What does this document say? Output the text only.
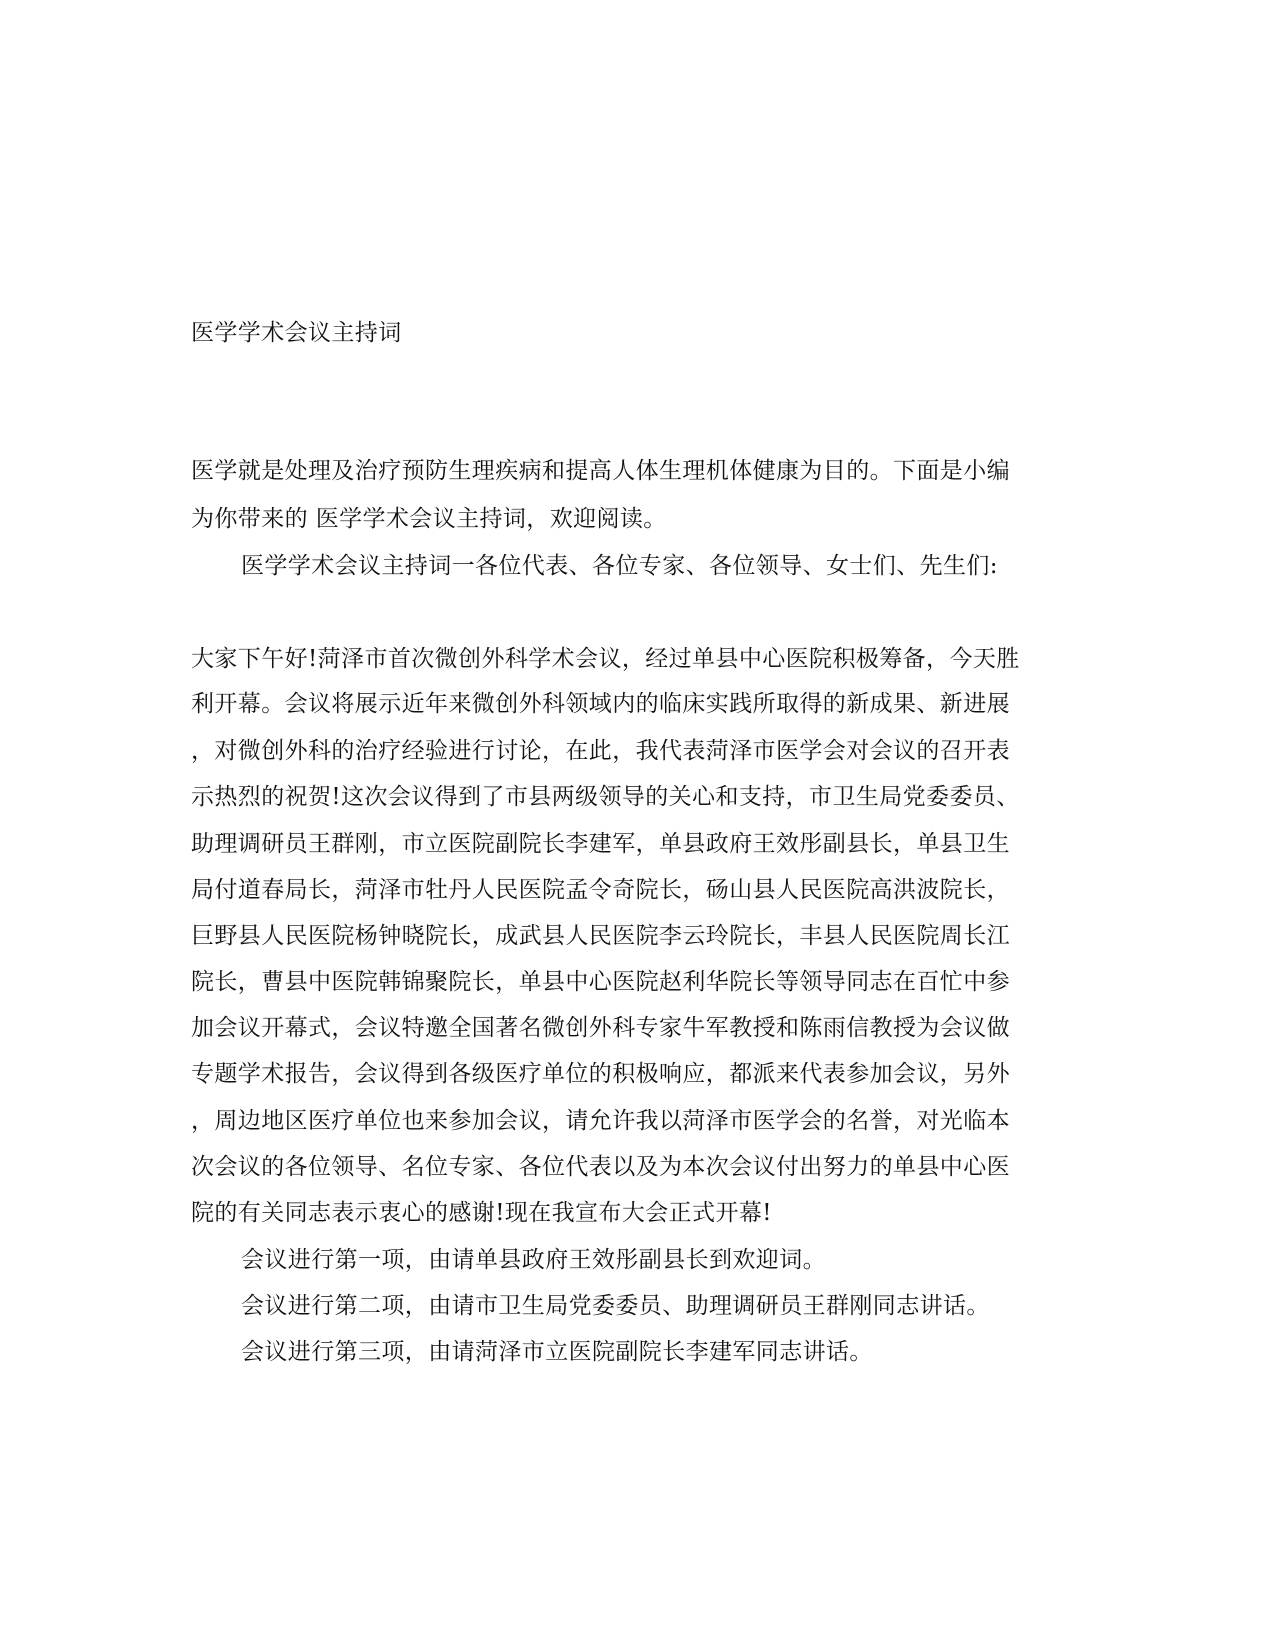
医学学术会议主持词
医学就是处理及治疗预防生理疾病和提高人体生理机体健康为目的。下面是小编
为你带来的 医学学术会议主持词，欢迎阅读。
医学学术会议主持词一各位代表、各位专家、各位领导、女士们、先生们:
大家下午好!菏泽市首次微创外科学术会议，经过单县中心医院积极筹备，今天胜
利开幕。会议将展示近年来微创外科领域内的临床实践所取得的新成果、新进展
，对微创外科的治疗经验进行讨论，在此，我代表菏泽市医学会对会议的召开表
示热烈的祝贺!这次会议得到了市县两级领导的关心和支持，市卫生局党委委员、
助理调研员王群刚，市立医院副院长李建军，单县政府王效彤副县长，单县卫生
局付道春局长，菏泽市牡丹人民医院孟令奇院长，砀山县人民医院高洪波院长，
巨野县人民医院杨钟晓院长，成武县人民医院李云玲院长，丰县人民医院周长江
院长，曹县中医院韩锦聚院长，单县中心医院赵利华院长等领导同志在百忙中参
加会议开幕式，会议特邀全国著名微创外科专家牛军教授和陈雨信教授为会议做
专题学术报告，会议得到各级医疗单位的积极响应，都派来代表参加会议，另外
，周边地区医疗单位也来参加会议，请允许我以菏泽市医学会的名誉，对光临本
次会议的各位领导、名位专家、各位代表以及为本次会议付出努力的单县中心医
院的有关同志表示衷心的感谢!现在我宣布大会正式开幕!
会议进行第一项，由请单县政府王效彤副县长到欢迎词。
会议进行第二项，由请市卫生局党委委员、助理调研员王群刚同志讲话。
会议进行第三项，由请菏泽市立医院副院长李建军同志讲话。
